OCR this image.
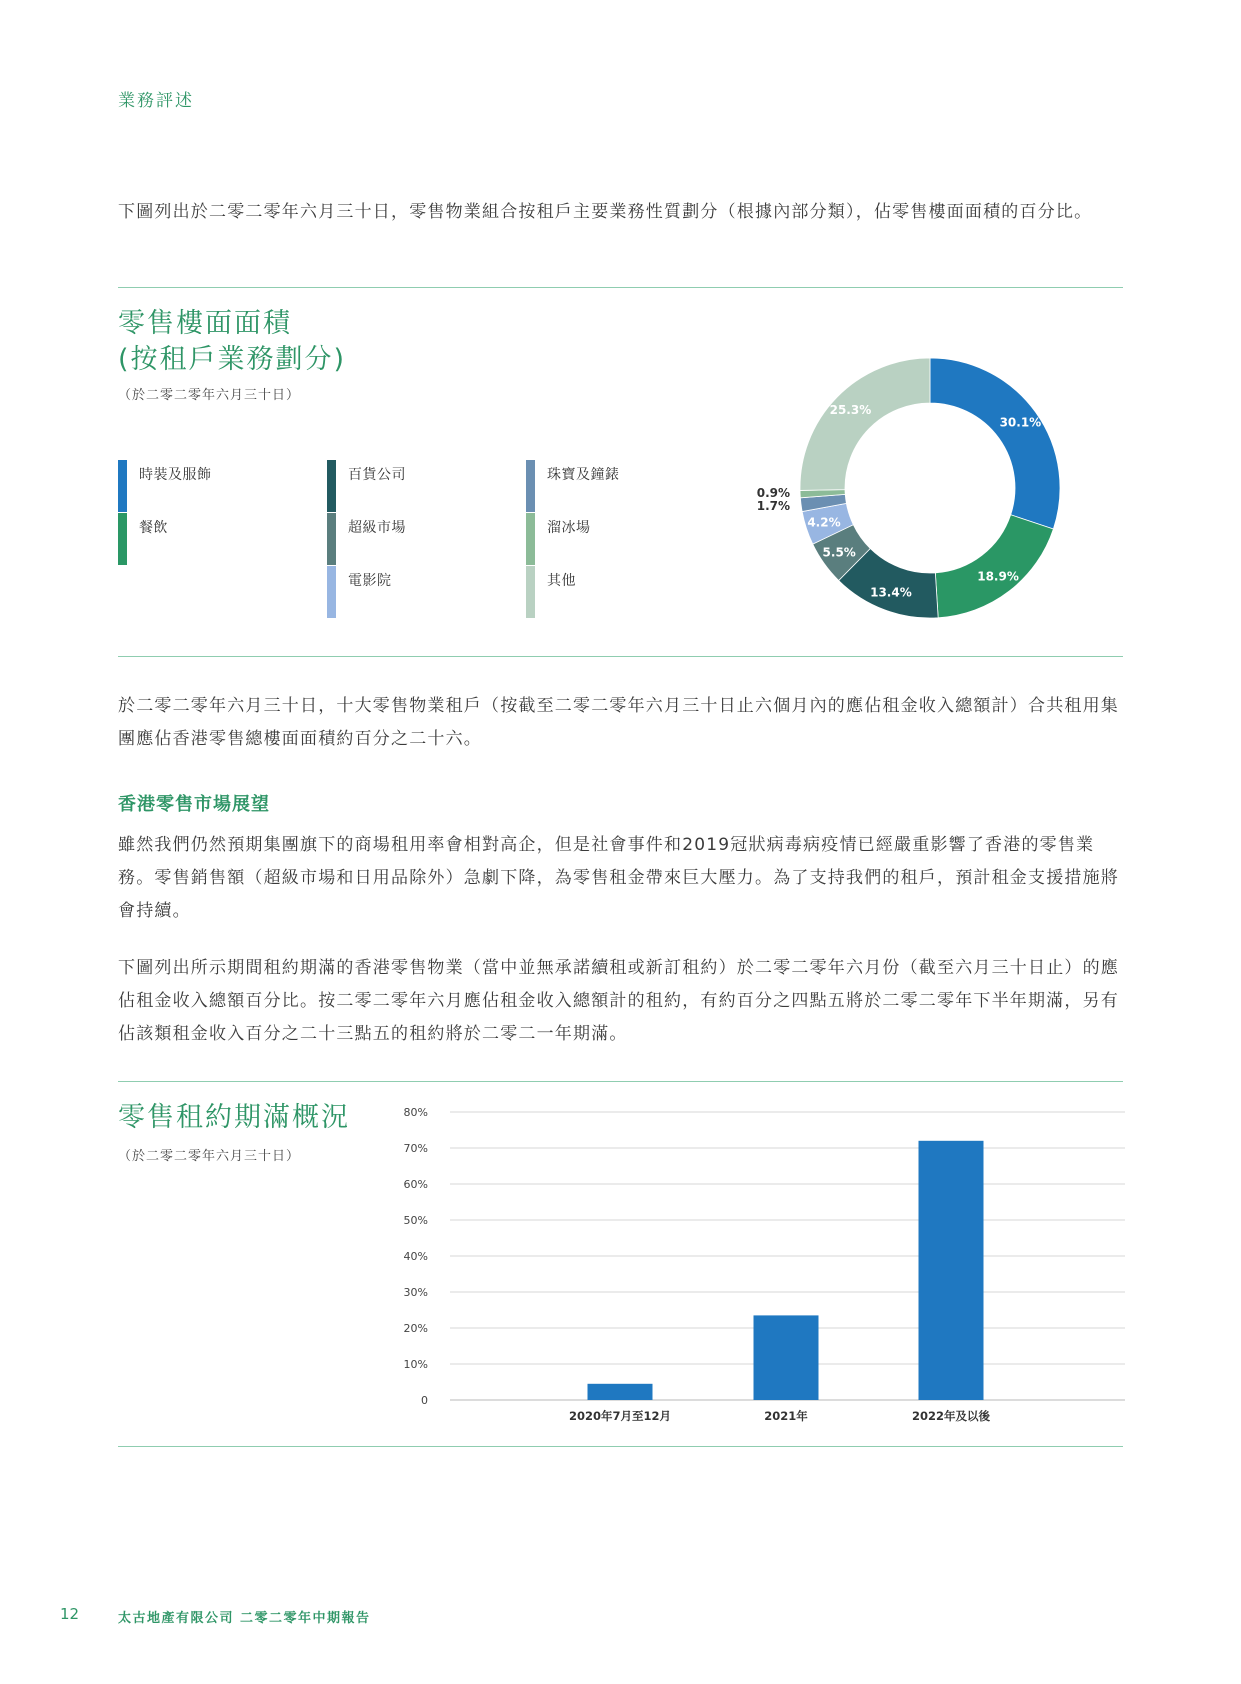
業務評述

下圖列出於二零二零年六月三十日，零售物業組合按租戶主要業務性質劃分（根據內部分類），佔零售樓面面積的百分比。

零售樓面面積

(按租戶業務劃分)

（於二零二零年六月三十日）
時裝及服飾
餐飲
百貨公司
超級市場
電影院
珠寶及鐘錶
溜冰場
其他
30.1%
18.9%
13.4%
5.5%
4.2%
1.7%
0.9%
25.3%

於二零二零年六月三十日，十大零售物業租戶（按截至二零二零年六月三十日止六個月內的應佔租金收入總額計）合共租用集團應佔香港零售總樓面面積約百分之二十六。

香港零售市場展望

雖然我們仍然預期集團旗下的商場租用率會相對高企，但是社會事件和2019冠狀病毒病疫情已經嚴重影響了香港的零售業務。零售銷售額（超級市場和日用品除外）急劇下降，為零售租金帶來巨大壓力。為了支持我們的租戶，預計租金支援措施將會持續。

下圖列出所示期間租約期滿的香港零售物業（當中並無承諾續租或新訂租約）於二零二零年六月份（截至六月三十日止）的應佔租金收入總額百分比。按二零二零年六月應佔租金收入總額計的租約，有約百分之四點五將於二零二零年下半年期滿，另有佔該類租金收入百分之二十三點五的租約將於二零二一年期滿。

零售租約期滿概況

（於二零二零年六月三十日）
0
10%
20%
30%
40%
50%
60%
70%
80%
2020年7月至12月	2021年	2022年及以後
12	太古地產有限公司 二零二零年中期報告
